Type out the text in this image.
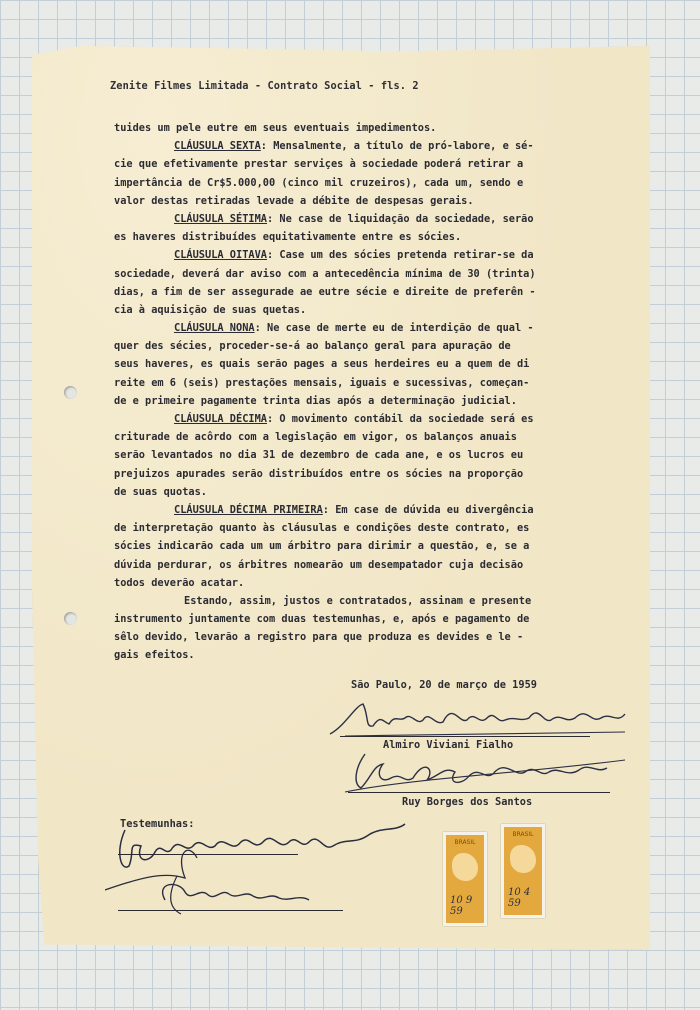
Zenite Filmes Limitada - Contrato Social - fls. 2
tuides um pele eutre em seus eventuais impedimentos.
CLÁUSULA SEXTA: Mensalmente, a título de pró-labore, e sé-
cie que efetivamente prestar serviçes à sociedade poderá retirar a
impertância de Cr$5.000,00 (cinco mil cruzeiros), cada um, sendo e
valor destas retiradas levade a débite de despesas gerais.
CLÁUSULA SÉTIMA: Ne case de liquidação da sociedade, serão
es haveres distribuídes equitativamente entre es sócies.
CLÁUSULA OITAVA: Case um des sócies pretenda retirar-se da
sociedade, deverá dar aviso com a antecedência mínima de 30 (trinta)
dias, a fim de ser assegurade ae eutre sécie e direite de preferên -
cia à aquisição de suas quetas.
CLÁUSULA NONA: Ne case de merte eu de interdição de qual -
quer des sécies, proceder-se-á ao balanço geral para apuração de
seus haveres, es quais serão pages a seus herdeires eu a quem de di
reite em 6 (seis) prestações mensais, iguais e sucessivas, começan-
de e primeire pagamente trinta dias após a determinação judicial.
CLÁUSULA DÉCIMA: O movimento contábil da sociedade será es
criturade de acôrdo com a legislação em vigor, os balanços anuais
serão levantados no dia 31 de dezembro de cada ane, e os lucros eu
prejuizos apurades serão distribuídos entre os sócies na proporção
de suas quotas.
CLÁUSULA DÉCIMA PRIMEIRA: Em case de dúvida eu divergência
de interpretação quanto às cláusulas e condições deste contrato, es
sócies indicarão cada um um árbitro para dirimir a questão, e, se a
dúvida perdurar, os árbitres nomearão um desempatador cuja decisão
todos deverão acatar.
Estando, assim, justos e contratados, assinam e presente
instrumento juntamente com duas testemunhas, e, após e pagamento de
sêlo devido, levarão a registro para que produza es devides e le -
gais efeitos.
São Paulo, 20 de março de 1959
Almiro Viviani Fialho
Ruy Borges dos Santos
Testemunhas:
BRASIL
10 9 59
BRASIL
10 4 59
